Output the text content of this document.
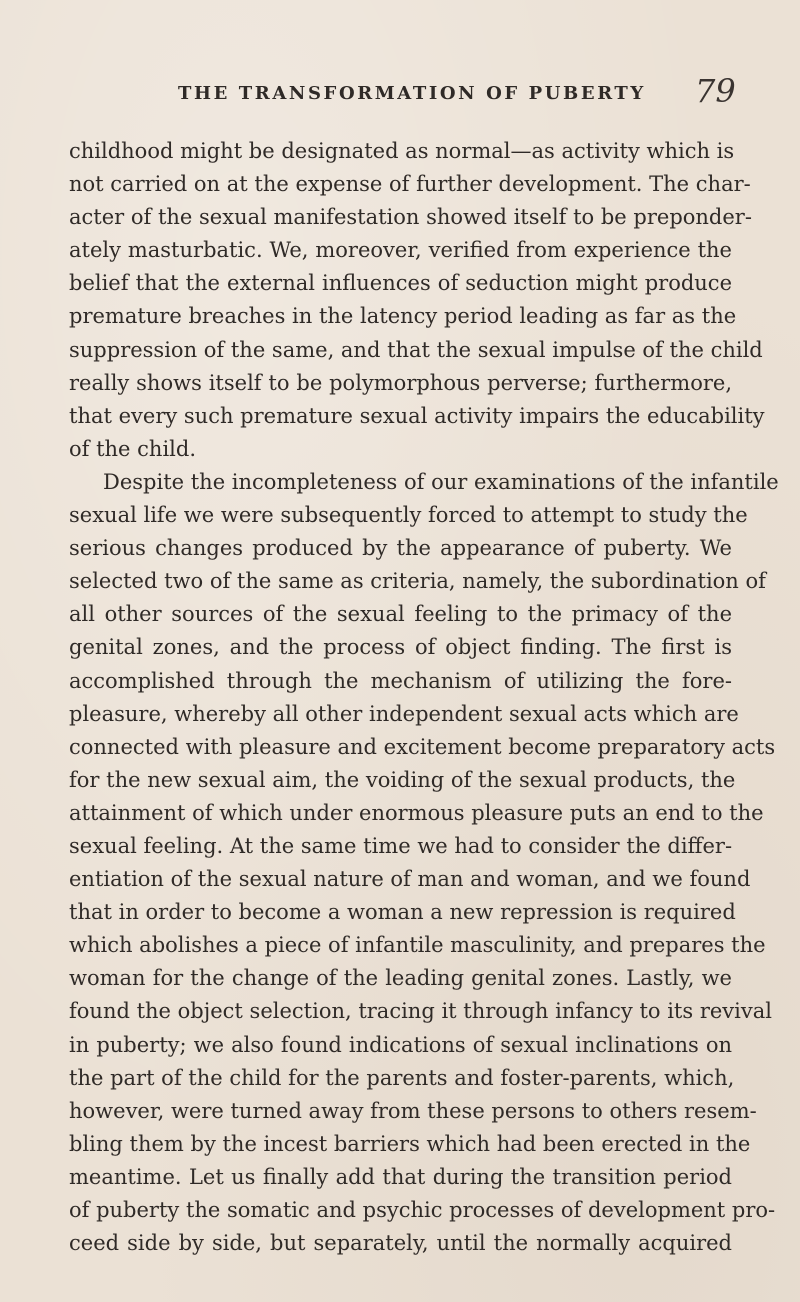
THE TRANSFORMATION OF PUBERTY 79
childhood might be designated as normal—as activity which is
not carried on at the expense of further development. The char-
acter of the sexual manifestation showed itself to be preponder-
ately masturbatic. We, moreover, verified from experience the
belief that the external influences of seduction might produce
premature breaches in the latency period leading as far as the
suppression of the same, and that the sexual impulse of the child
really shows itself to be polymorphous perverse; furthermore,
that every such premature sexual activity impairs the educability
of the child.
Despite the incompleteness of our examinations of the infantile
sexual life we were subsequently forced to attempt to study the
serious changes produced by the appearance of puberty. We
selected two of the same as criteria, namely, the subordination of
all other sources of the sexual feeling to the primacy of the
genital zones, and the process of object finding. The first is
accomplished through the mechanism of utilizing the fore-
pleasure, whereby all other independent sexual acts which are
connected with pleasure and excitement become preparatory acts
for the new sexual aim, the voiding of the sexual products, the
attainment of which under enormous pleasure puts an end to the
sexual feeling. At the same time we had to consider the differ-
entiation of the sexual nature of man and woman, and we found
that in order to become a woman a new repression is required
which abolishes a piece of infantile masculinity, and prepares the
woman for the change of the leading genital zones. Lastly, we
found the object selection, tracing it through infancy to its revival
in puberty; we also found indications of sexual inclinations on
the part of the child for the parents and foster-parents, which,
however, were turned away from these persons to others resem-
bling them by the incest barriers which had been erected in the
meantime. Let us finally add that during the transition period
of puberty the somatic and psychic processes of development pro-
ceed side by side, but separately, until the normally acquired
